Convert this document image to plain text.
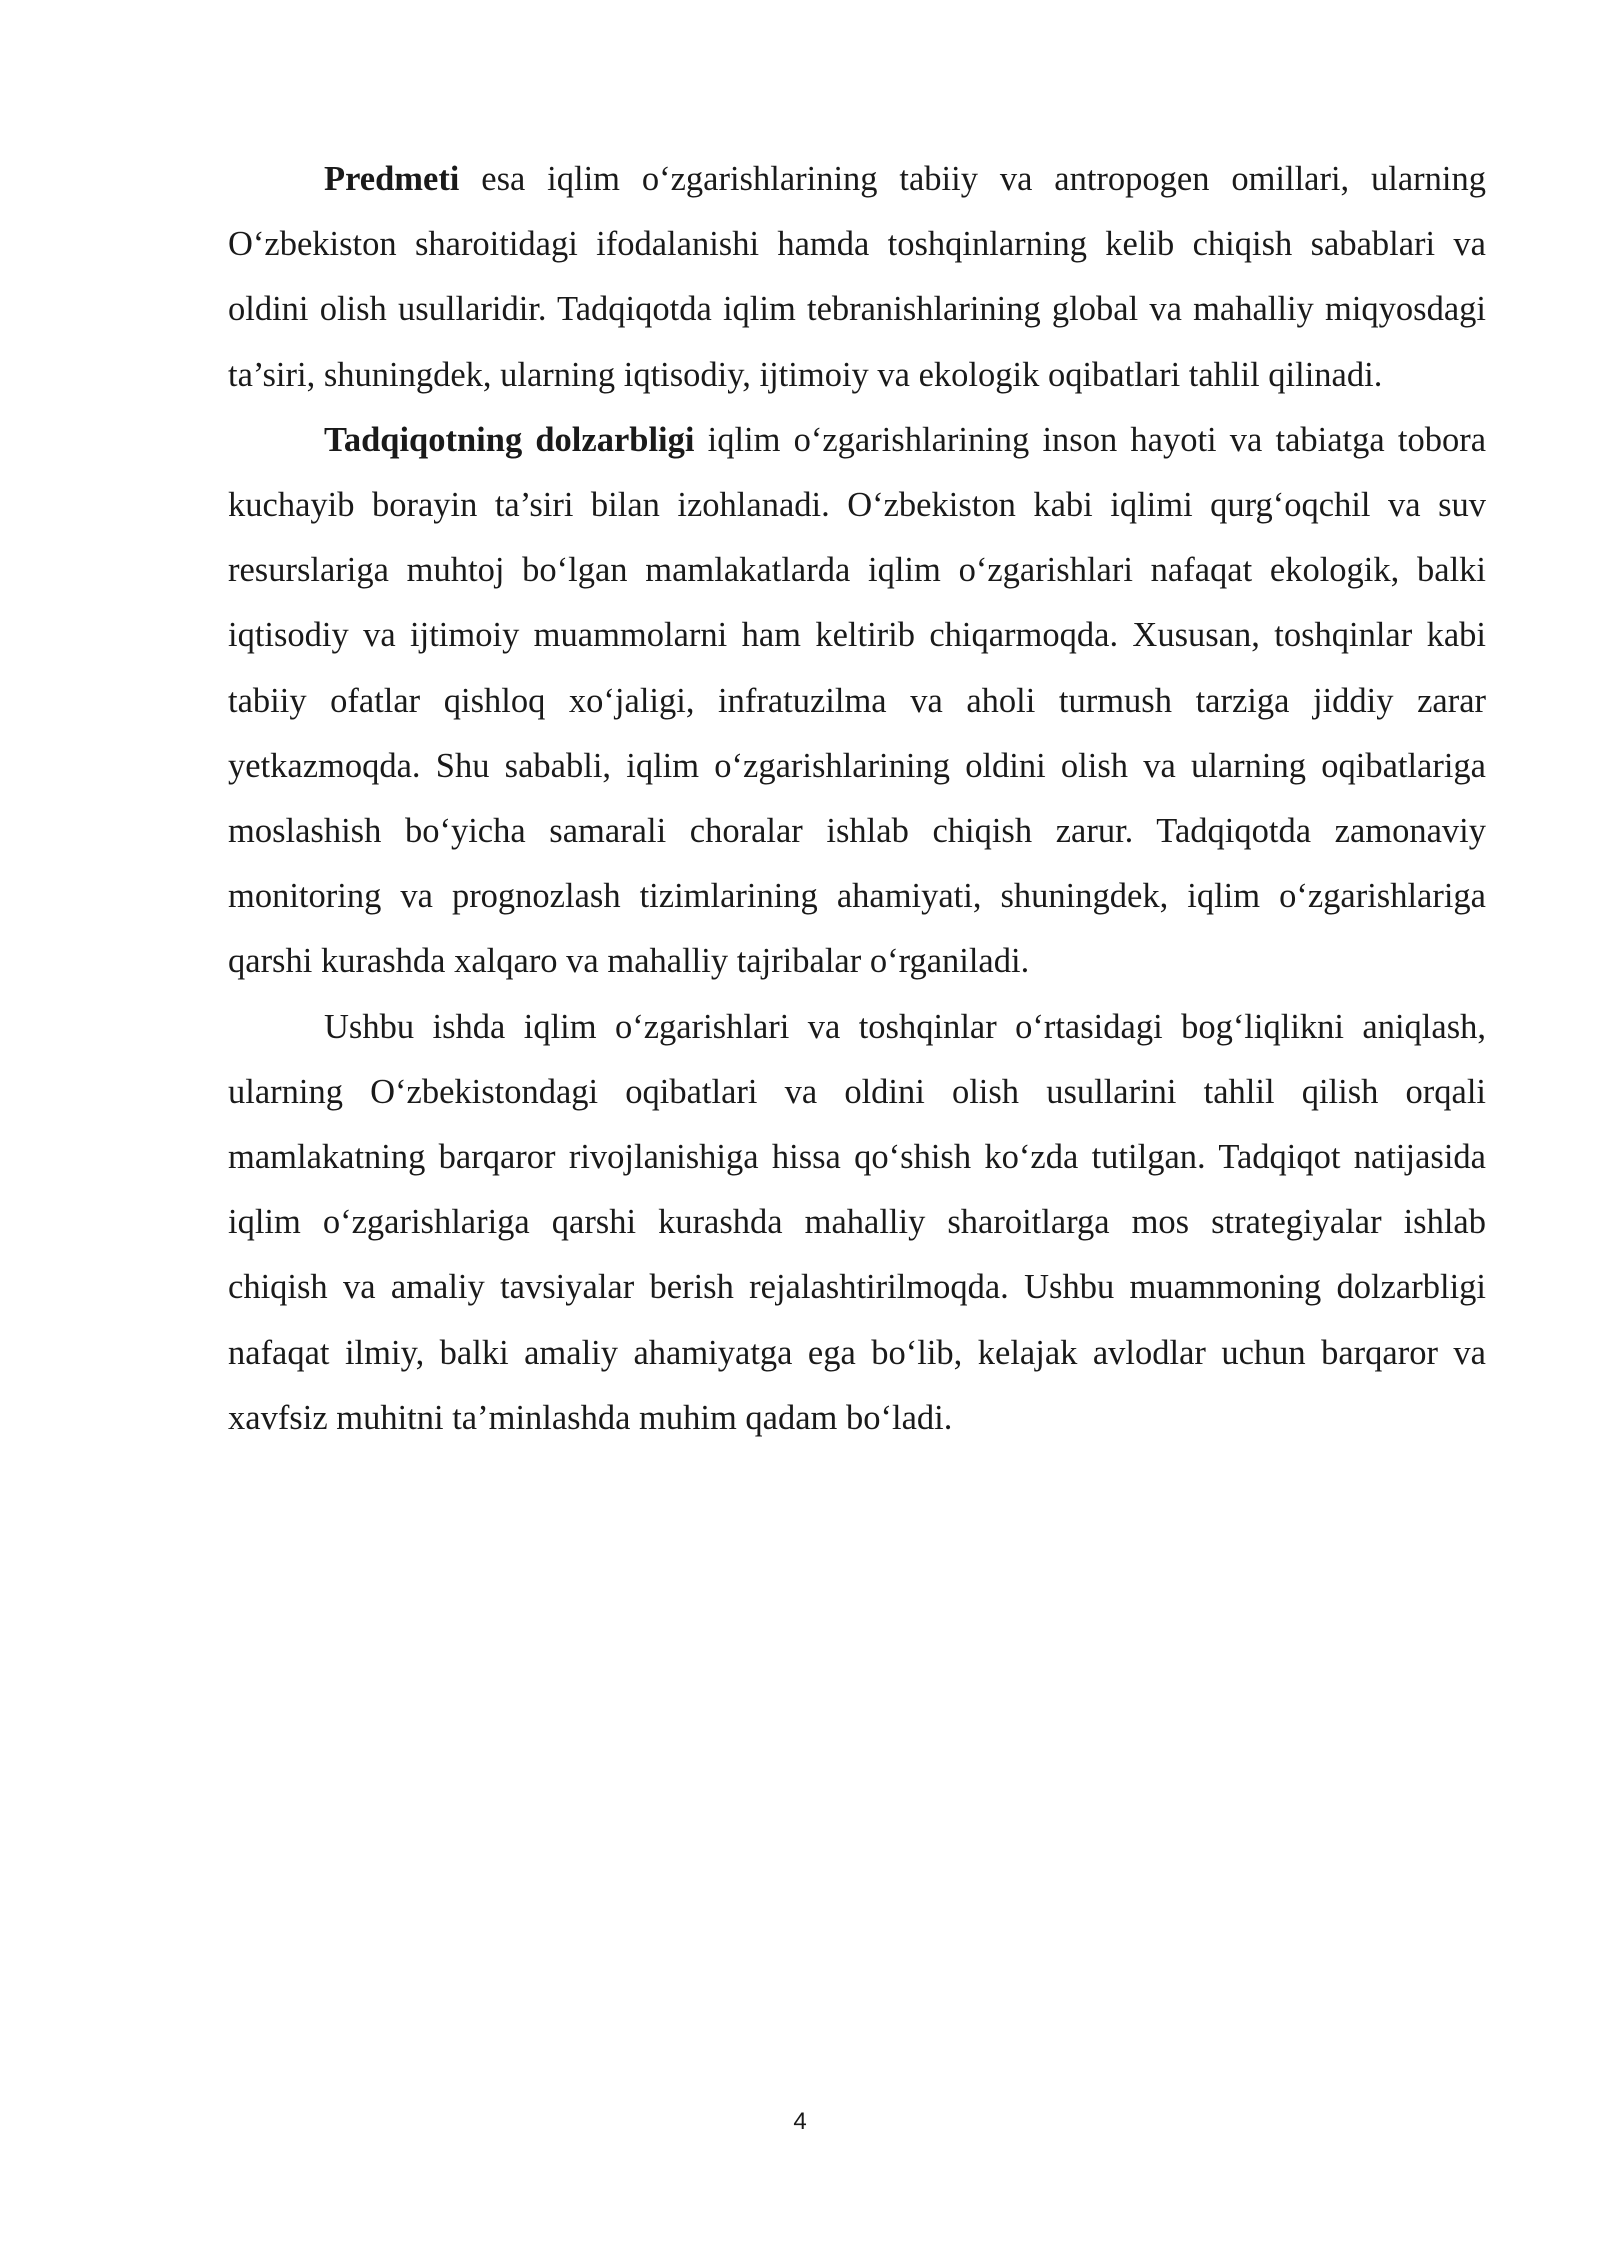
Predmeti esa iqlim o‘zgarishlarining tabiiy va antropogen omillari, ularning O‘zbekiston sharoitidagi ifodalanishi hamda toshqinlarning kelib chiqish sabablari va oldini olish usullaridir. Tadqiqotda iqlim tebranishlarining global va mahalliy miqyosdagi ta’siri, shuningdek, ularning iqtisodiy, ijtimoiy va ekologik oqibatlari tahlil qilinadi.

Tadqiqotning dolzarbligi iqlim o‘zgarishlarining inson hayoti va tabiatga tobora kuchayib borayin ta’siri bilan izohlanadi. O‘zbekiston kabi iqlimi qurg‘oqchil va suv resurslariga muhtoj bo‘lgan mamlakatlarda iqlim o‘zgarishlari nafaqat ekologik, balki iqtisodiy va ijtimoiy muammolarni ham keltirib chiqarmoqda. Xususan, toshqinlar kabi tabiiy ofatlar qishloq xo‘jaligi, infratuzilma va aholi turmush tarziga jiddiy zarar yetkazmoqda. Shu sababli, iqlim o‘zgarishlarining oldini olish va ularning oqibatlariga moslashish bo‘yicha samarali choralar ishlab chiqish zarur. Tadqiqotda zamonaviy monitoring va prognozlash tizimlarining ahamiyati, shuningdek, iqlim o‘zgarishlariga qarshi kurashda xalqaro va mahalliy tajribalar o‘rganiladi.

Ushbu ishda iqlim o‘zgarishlari va toshqinlar o‘rtasidagi bog‘liqlikni aniqlash, ularning O‘zbekistondagi oqibatlari va oldini olish usullarini tahlil qilish orqali mamlakatning barqaror rivojlanishiga hissa qo‘shish ko‘zda tutilgan. Tadqiqot natijasida iqlim o‘zgarishlariga qarshi kurashda mahalliy sharoitlarga mos strategiyalar ishlab chiqish va amaliy tavsiyalar berish rejalashtirilmoqda. Ushbu muammoning dolzarbligi nafaqat ilmiy, balki amaliy ahamiyatga ega bo‘lib, kelajak avlodlar uchun barqaror va xavfsiz muhitni ta’minlashda muhim qadam bo‘ladi.

4
